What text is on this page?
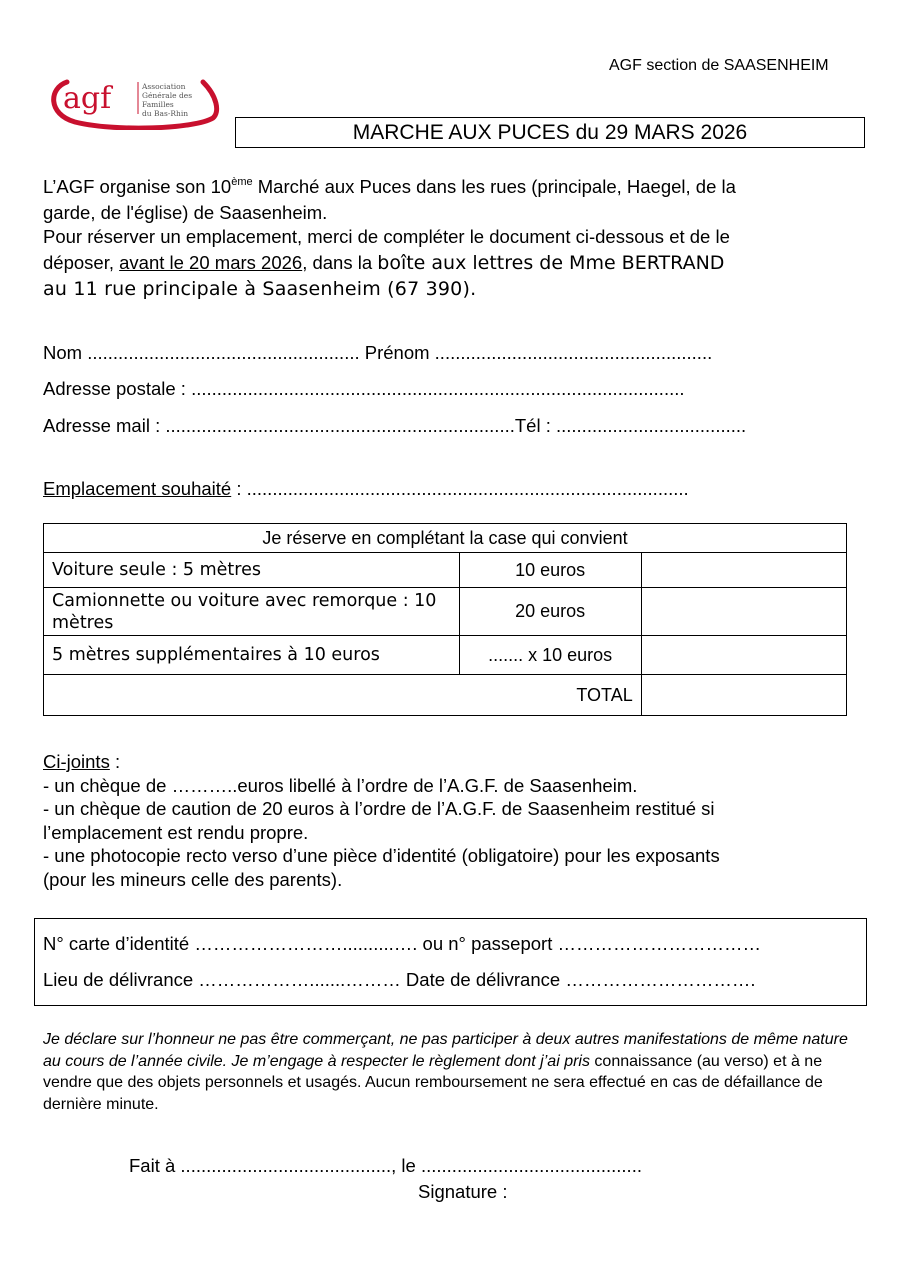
AGF section de SAASENHEIM
agf	Association
Générale des
Familles
du Bas-Rhin
MARCHE AUX PUCES du 29 MARS 2026
L’AGF organise son 10ème Marché aux Puces dans les rues (principale, Haegel, de la
garde, de l'église) de Saasenheim.
Pour réserver un emplacement, merci de compléter le document ci-dessous et de le
déposer, avant le 20 mars 2026, dans la boîte aux lettres de Mme BERTRAND
au 11 rue principale à Saasenheim (67 390).
Nom ..................................................... Prénom ......................................................
Adresse postale : ................................................................................................
Adresse mail : ....................................................................Tél : .....................................
Emplacement souhaité : ......................................................................................
Je réserve en complétant la case qui convient		
Voiture seule : 5 mètres	10 euros	
Camionnette ou voiture avec remorque : 10 mètres	20 euros	
5 mètres supplémentaires à 10 euros	....... x 10 euros	
TOTAL		
Ci-joints :
- un chèque de ………..euros libellé à l’ordre de l’A.G.F. de Saasenheim.
- un chèque de caution de 20 euros à l’ordre de l’A.G.F. de Saasenheim restitué si
l’emplacement est rendu propre.
- une photocopie recto verso d’une pièce d’identité (obligatoire) pour les exposants
(pour les mineurs celle des parents).
N° carte d’identité ……………………..........…. ou n° passeport ……………………………
Lieu de délivrance ……………….......……… Date de délivrance ………………………….
Je déclare sur l’honneur ne pas être commerçant, ne pas participer à deux autres manifestations de même nature au cours de l’année civile. Je m’engage à respecter le règlement dont j’ai pris connaissance (au verso) et à ne vendre que des objets personnels et usagés. Aucun remboursement ne sera effectué en cas de défaillance de dernière minute.
Fait à ........................................., le ...........................................
Signature :
